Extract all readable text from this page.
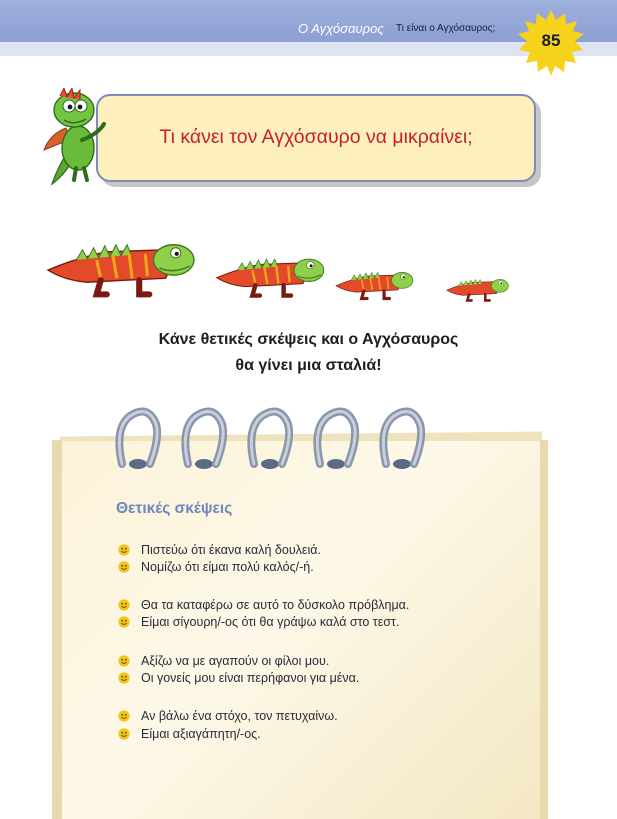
Ο Αγχόσαυρος Τι είναι ο Αγχόσαυρος;
85
Τι κάνει τον Αγχόσαυρο να μικραίνει;
Κάνε θετικές σκέψεις και ο Αγχόσαυρος
θα γίνει μια σταλιά!
Θετικές σκέψεις
Πιστεύω ότι έκανα καλή δουλειά.
Νομίζω ότι είμαι πολύ καλός/-ή.
Θα τα καταφέρω σε αυτό το δύσκολο πρόβλημα.
Είμαι σίγουρη/-ος ότι θα γράψω καλά στο τεστ.
Αξίζω να με αγαπούν οι φίλοι μου.
Οι γονείς μου είναι περήφανοι για μένα.
Αν βάλω ένα στόχο, τον πετυχαίνω.
Είμαι αξιαγάπητη/-ος.
